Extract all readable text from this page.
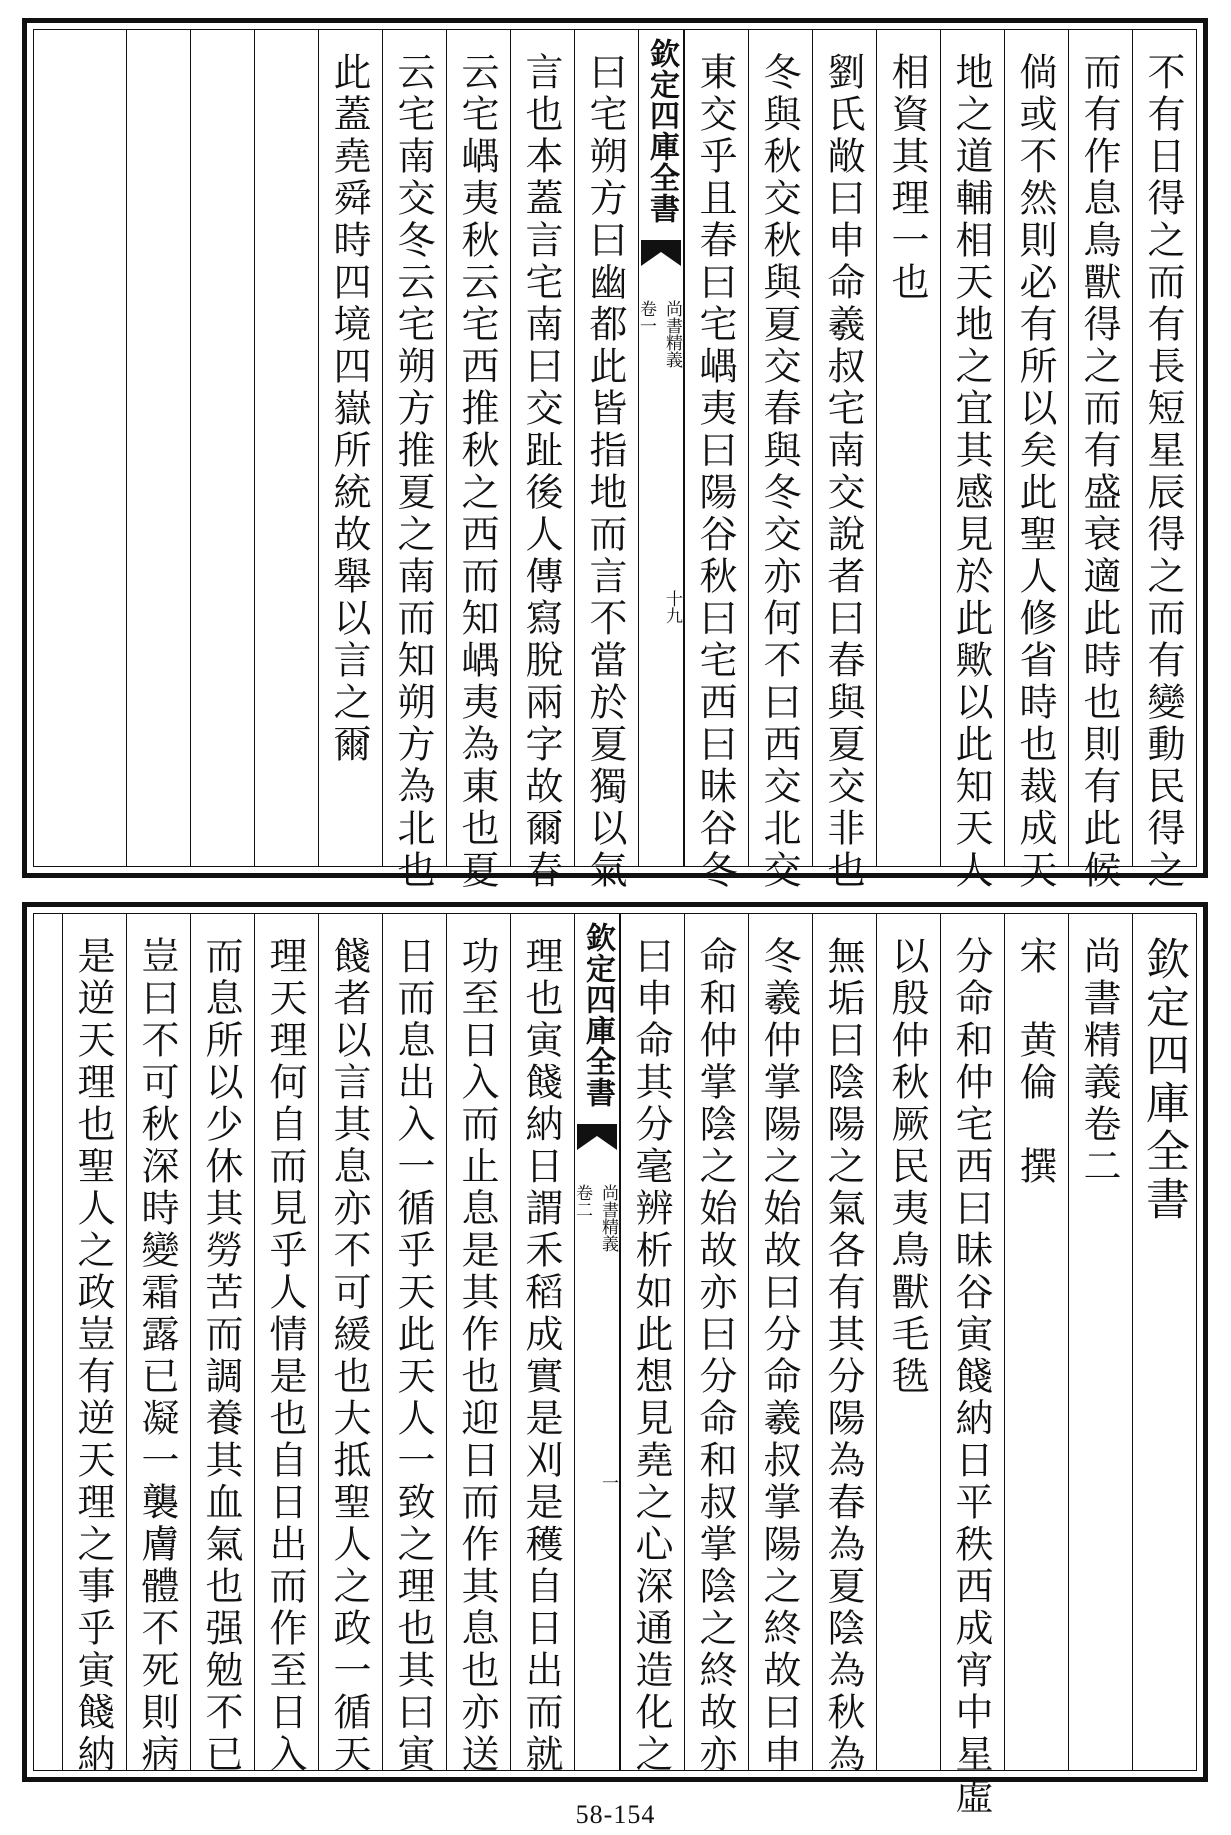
不有日得之而有長短星辰得之而有變動民得之
而有作息鳥獸得之而有盛衰適此時也則有此候
倘或不然則必有所以矣此聖人修省時也裁成天
地之道輔相天地之宜其感見於此歟以此知天人
相資其理一也
劉氏敞曰申命羲叔宅南交說者曰春與夏交非也
冬與秋交秋與夏交春與冬交亦何不曰西交北交
東交乎且春曰宅嵎夷曰陽谷秋曰宅西曰昧谷冬
欽定四庫全書
尚書精義
卷一
十九
曰宅朔方曰幽都此皆指地而言不當於夏獨以氣
言也本蓋言宅南曰交趾後人傳寫脫兩字故爾春
云宅嵎夷秋云宅西推秋之西而知嵎夷為東也夏
云宅南交冬云宅朔方推夏之南而知朔方為北也
此蓋堯舜時四境四嶽所統故舉以言之爾
欽定四庫全書
尚書精義卷二
宋　黄倫　撰
分命和仲宅西曰昧谷寅餞納日平秩西成宵中星虛
以殷仲秋厥民夷鳥獸毛毨
無垢曰陰陽之氣各有其分陽為春為夏陰為秋為
冬羲仲掌陽之始故曰分命羲叔掌陽之終故曰申
命和仲掌陰之始故亦曰分命和叔掌陰之終故亦
曰申命其分毫辨析如此想見堯之心深通造化之
欽定四庫全書
尚書精義
卷二
一
理也寅餞納日謂禾稻成實是刈是穫自日出而就
功至日入而止息是其作也迎日而作其息也亦送
日而息出入一循乎天此天人一致之理也其曰寅
餞者以言其息亦不可緩也大抵聖人之政一循天
理天理何自而見乎人情是也自日出而作至日入
而息所以少休其勞苦而調養其血氣也强勉不已
豈曰不可秋深時變霜露已凝一襲膚體不死則病
是逆天理也聖人之政豈有逆天理之事乎寅餞納
58-154
